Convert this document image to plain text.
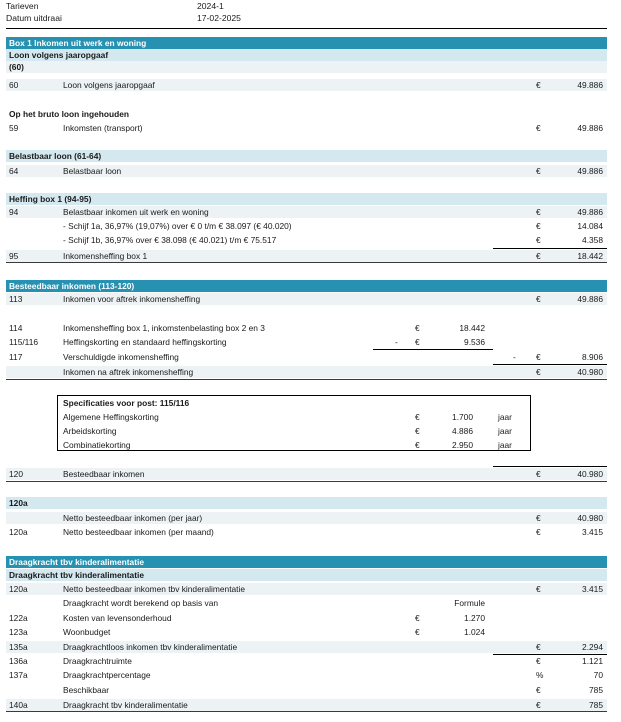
Tarieven	2024-1
Datum uitdraai	17-02-2025
Box 1 Inkomen uit werk en woning
Loon volgens jaaropgaaf
(60)
60	Loon volgens jaaropgaaf	€	49.886
Op het bruto loon ingehouden
59	Inkomsten (transport)	€	49.886
Belastbaar loon (61-64)
64	Belastbaar loon	€	49.886
Heffing box 1 (94-95)
94	Belastbaar inkomen uit werk en woning	€	49.886
- Schijf 1a, 36,97% (19,07%) over € 0 t/m € 38.097 (€ 40.020)	€	14.084
- Schijf 1b, 36,97% over € 38.098 (€ 40.021) t/m € 75.517	€	4.358
95	Inkomensheffing box 1	€	18.442
Besteedbaar inkomen (113-120)
113	Inkomen voor aftrek inkomensheffing	€	49.886
114	Inkomensheffing box 1, inkomstenbelasting box 2 en 3	€	18.442
115/116	Heffingskorting en standaard heffingskorting	- €	9.536
117	Verschuldigde inkomensheffing	- €	8.906
Inkomen na aftrek inkomensheffing	€	40.980
Specificaties voor post: 115/116
Algemene Heffingskorting	€	1.700	jaar
Arbeidskorting	€	4.886	jaar
Combinatiekorting	€	2.950	jaar
120	Besteedbaar inkomen	€	40.980
120a
Netto besteedbaar inkomen (per jaar)	€	40.980
120a	Netto besteedbaar inkomen (per maand)	€	3.415
Draagkracht tbv kinderalimentatie
Draagkracht tbv kinderalimentatie
120a	Netto besteedbaar inkomen tbv kinderalimentatie	€	3.415
Draagkracht wordt berekend op basis van	Formule
122a	Kosten van levensonderhoud	€	1.270
123a	Woonbudget	€	1.024
135a	Draagkrachtloos inkomen tbv kinderalimentatie	€	2.294
136a	Draagkrachtruimte	€	1.121
137a	Draagkrachtpercentage	%	70
Beschikbaar	€	785
140a	Draagkracht tbv kinderalimentatie	€	785
